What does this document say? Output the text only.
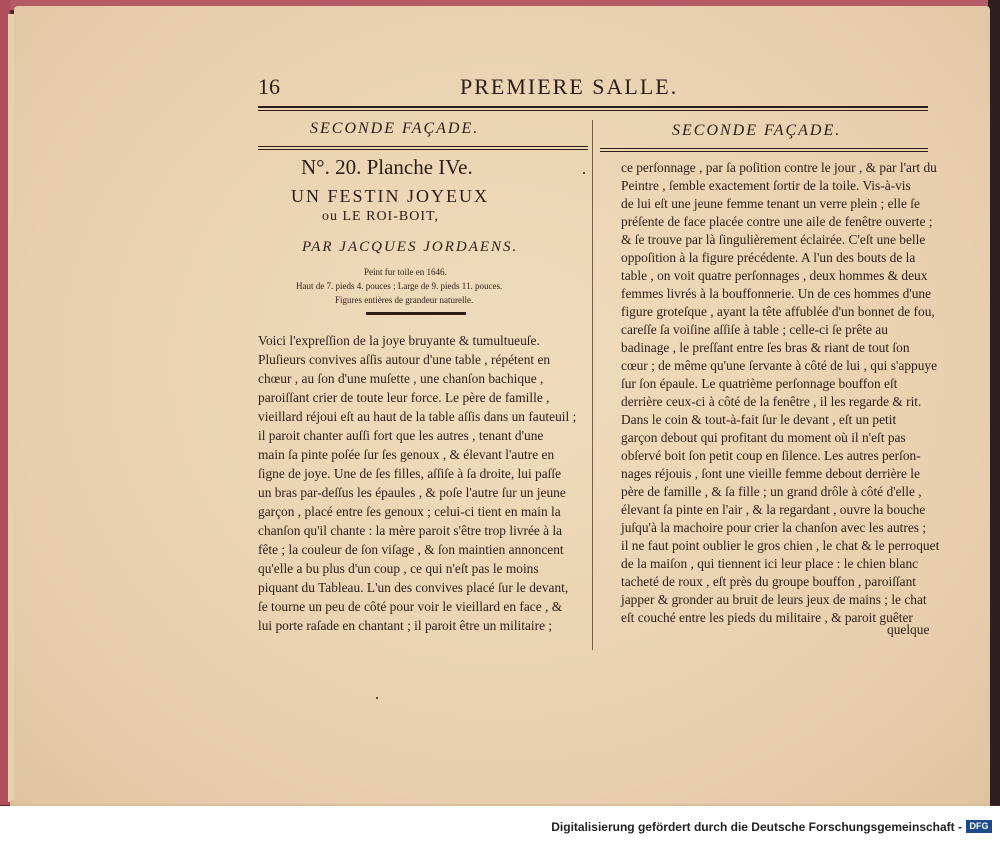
16	PREMIERE SALLE.
SECONDE FAÇADE.	SECONDE FAÇADE.
N°. 20. Planche IVe.
UN FESTIN JOYEUX
ou LE ROI-BOIT,
PAR JACQUES JORDAENS.
Peint fur toile en 1646.
Haut de 7. pieds 4. pouces ; Large de 9. pieds 11. pouces.
Figures entières de grandeur naturelle.
Voici l'expreſſion de la joye bruyante & tumultueuſe.
Pluſieurs convives aſſis autour d'une table , répétent en
chœur , au ſon d'une muſette , une chanſon bachique ,
paroiſſant crier de toute leur force. Le père de famille ,
vieillard réjoui eſt au haut de la table aſſis dans un fauteuil ;
il paroit chanter auſſi fort que les autres , tenant d'une
main ſa pinte poſée ſur ſes genoux , & élevant l'autre en
ſigne de joye. Une de ſes filles, aſſiſe à ſa droite, lui paſſe
un bras par-deſſus les épaules , & poſe l'autre ſur un jeune
garçon , placé entre ſes genoux ; celui-ci tient en main la
chanſon qu'il chante : la mère paroit s'être trop livrée à la
fête ; la couleur de ſon viſage , & ſon maintien annoncent
qu'elle a bu plus d'un coup , ce qui n'eſt pas le moins
piquant du Tableau. L'un des convives placé ſur le devant,
ſe tourne un peu de côté pour voir le vieillard en face , &
lui porte raſade en chantant ; il paroit être un militaire ;
ce perſonnage , par ſa poſition contre le jour , & par l'art du
Peintre , ſemble exactement ſortir de la toile. Vis-à-vis
de lui eſt une jeune femme tenant un verre plein ; elle ſe
préſente de face placée contre une aile de fenêtre ouverte ;
& ſe trouve par là ſingulièrement éclairée. C'eſt une belle
oppoſition à la figure précédente. A l'un des bouts de la
table , on voit quatre perſonnages , deux hommes & deux
femmes livrés à la bouffonnerie. Un de ces hommes d'une
figure groteſque , ayant la tête affublée d'un bonnet de fou,
careſſe ſa voiſine aſſiſe à table ; celle-ci ſe prête au
badinage , le preſſant entre ſes bras & riant de tout ſon
cœur ; de même qu'une ſervante à côté de lui , qui s'appuye
ſur ſon épaule. Le quatrième perſonnage bouffon eſt
derrière ceux-ci à côté de la fenêtre , il les regarde & rit.
Dans le coin & tout-à-fait ſur le devant , eſt un petit
garçon debout qui profitant du moment où il n'eſt pas
obſervé boit ſon petit coup en ſilence. Les autres perſon-
nages réjouis , ſont une vieille femme debout derrière le
père de famille , & ſa fille ; un grand drôle à côté d'elle ,
élevant ſa pinte en l'air , & la regardant , ouvre la bouche
juſqu'à la machoire pour crier la chanſon avec les autres ;
il ne faut point oublier le gros chien , le chat & le perroquet
de la maiſon , qui tiennent ici leur place : le chien blanc
tacheté de roux , eſt près du groupe bouffon , paroiſſant
japper & gronder au bruit de leurs jeux de mains ; le chat
eſt couché entre les pieds du militaire , & paroit guêter
quelque
Digitalisierung gefördert durch die Deutsche Forschungsgemeinschaft - DFG
